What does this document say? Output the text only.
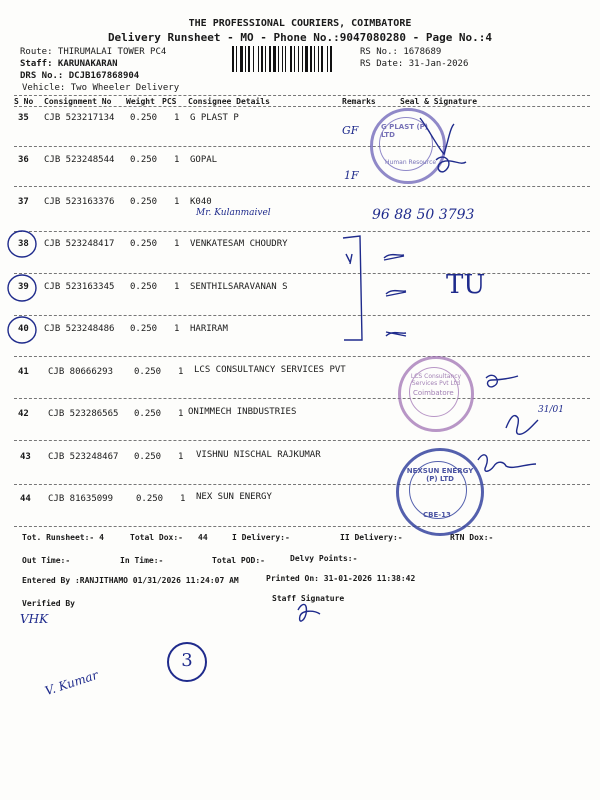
THE PROFESSIONAL COURIERS, COIMBATORE
Delivery Runsheet - MO - Phone No.:9047080280 - Page No.:4
Route: THIRUMALAI TOWER PC4
Staff: KARUNAKARAN
DRS No.: DCJB167868904
Vehicle: Two Wheeler Delivery
RS No.: 1678689
RS Date: 31-Jan-2026
S No Consignment No Weight PCS Consignee Details	Remarks	Seal & Signature
35 CJB 523217134 0.250 1 G PLAST P
36 CJB 523248544 0.250 1 GOPAL
37 CJB 523163376 0.250 1 K040
38 CJB 523248417 0.250 1 VENKATESAM CHOUDRY
39 CJB 523163345 0.250 1 SENTHILSARAVANAN S
40 CJB 523248486 0.250 1 HARIRAM
41 CJB 80666293 0.250 1 LCS CONSULTANCY SERVICES PVT
42 CJB 523286565 0.250 1 ONIMMECH INBDUSTRIES
43 CJB 523248467 0.250 1 VISHNU NISCHAL RAJKUMAR
44 CJB 81635099	0.250 1 NEX SUN ENERGY
Tot. Runsheet:- 4	Total Dox:- 44	I Delivery:-	II Delivery:-	RTN Dox:-
Out Time:-	In Time:-	Total POD:-	Delvy Points:-
Entered By :RANJITHAMO 01/31/2026 11:24:07 AM	Printed On: 31-01-2026 11:38:42
Verified By
Staff Signature
G PLAST (P) LTD
Human Resource
LCS Consultancy Services Pvt Ltd
Coimbatore
NEXSUN ENERGY (P) LTD
CBE-13
GF
1F
Mr. Kulanmaivel	96 88 50 3793
TU
31/01
VHK
V. Kumar
3
